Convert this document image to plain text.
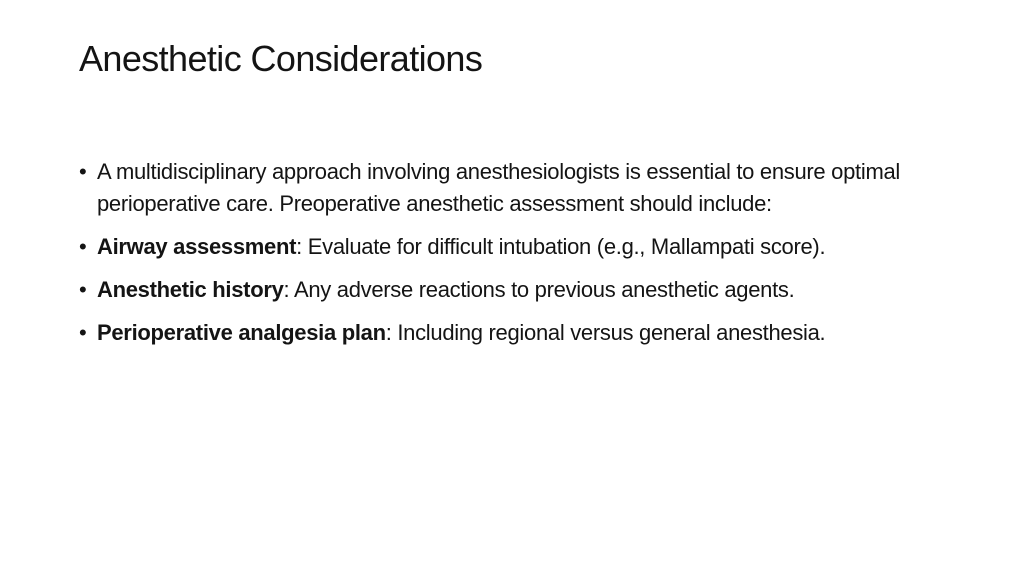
Anesthetic Considerations
• A multidisciplinary approach involving anesthesiologists is essential to ensure optimal perioperative care. Preoperative anesthetic assessment should include:
• Airway assessment: Evaluate for difficult intubation (e.g., Mallampati score).
• Anesthetic history: Any adverse reactions to previous anesthetic agents.
• Perioperative analgesia plan: Including regional versus general anesthesia.
